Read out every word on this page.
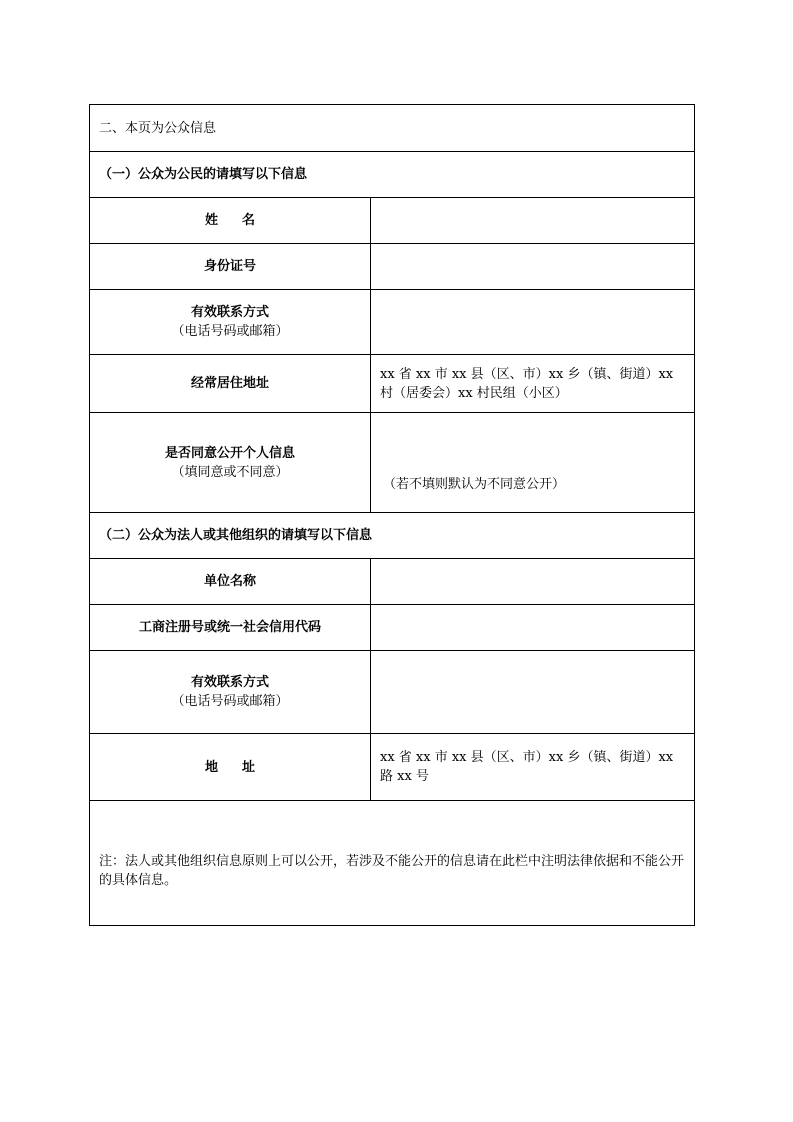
二、本页为公众信息	
（一）公众为公民的请填写以下信息	
姓名	
身份证号	
有效联系方式
（电话号码或邮箱）	

经常居住地址	xx 省 xx 市 xx 县（区、市）xx 乡（镇、街道）xx 村（居委会）xx 村民组（小区）
是否同意公开个人信息
（填同意或不同意）	（若不填则默认为不同意公开）
（二）公众为法人或其他组织的请填写以下信息	
单位名称	
工商注册号或统一社会信用代码	
有效联系方式
（电话号码或邮箱）	

地址	xx 省 xx 市 xx 县（区、市）xx 乡（镇、街道）xx 路 xx 号
注：法人或其他组织信息原则上可以公开，若涉及不能公开的信息请在此栏中注明法律依据和不能公开的具体信息。	
